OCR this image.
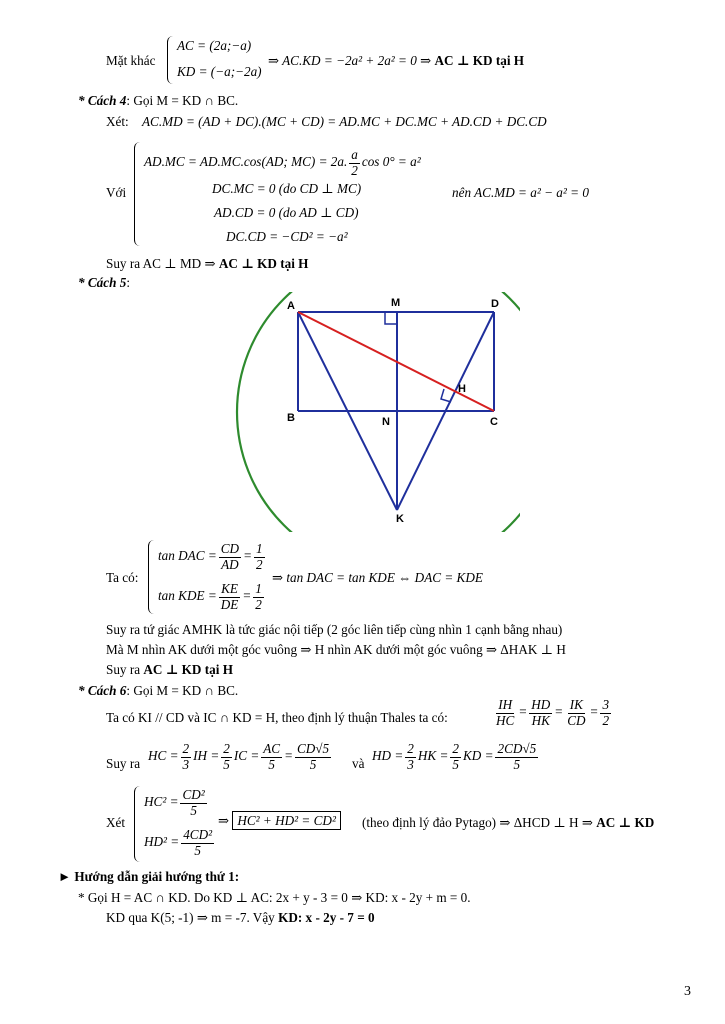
Mặt khác
AC = (2a;−a)
KD = (−a;−2a)
⇒ AC.KD = −2a² + 2a² = 0 ⇒ AC ⊥ KD tại H
* Cách 4: Gọi M = KD ∩ BC.
Xét: AC.MD = (AD + DC).(MC + CD) = AD.MC + DC.MC + AD.CD + DC.CD
Với
AD.MC = AD.MC.cos(AD; MC) = 2a. $\frac{a}{2}$ cos 0° = a²
DC.MC = 0 (do CD ⊥ MC)
AD.CD = 0 (do AD ⊥ CD)
DC.CD = −CD² = −a²
nên AC.MD = a² − a² = 0
Suy ra AC ⊥ MD ⇒ AC ⊥ KD tại H
* Cách 5:
A	M	D
B	N	C
H
K
Ta có:
tan DAC = $\frac{CD}{AD} = \frac{1}{2}$
tan KDE = $\frac{KE}{DE} = \frac{1}{2}$
⇒ tan DAC = tan KDE ⇔ DAC = KDE
Suy ra tứ giác AMHK là tức giác nội tiếp (2 góc liên tiếp cùng nhìn 1 cạnh bằng nhau)
Mà M nhìn AK dưới một góc vuông ⇒ H nhìn AK dưới một góc vuông ⇒ ΔHAK ⊥ H
Suy ra AC ⊥ KD tại H
* Cách 6: Gọi M = KD ∩ BC.
Ta có KI // CD và IC ∩ KD = H, theo định lý thuận Thales ta có:	$\frac{IH}{HC} = \frac{HD}{HK} = \frac{IK}{CD} = \frac{3}{2}$
Suy ra
HC = $\frac{2}{3}$ IH = $\frac{2}{5}$ IC = $\frac{AC}{5} = \frac{CD√5}{5}$ và
HD = $\frac{2}{3}$ HK = $\frac{2}{5}$ KD = $\frac{2CD√5}{5}$
Xét
$HC^2 = \frac{\text{CD²}}{5}$
$HD^2 = \frac{\text{4CD²}}{5}$
⇒ HC² + HD² = CD²	(theo định lý đảo Pytago) ⇒ ΔHCD ⊥ H ⇒ AC ⊥ KD
► Hướng dẫn giải hướng thứ 1:
* Gọi H = AC ∩ KD. Do KD ⊥ AC: 2x + y - 3 = 0 ⇒ KD: x - 2y + m = 0.
KD qua K(5; -1) ⇒ m = -7. Vậy KD: x - 2y - 7 = 0
3
